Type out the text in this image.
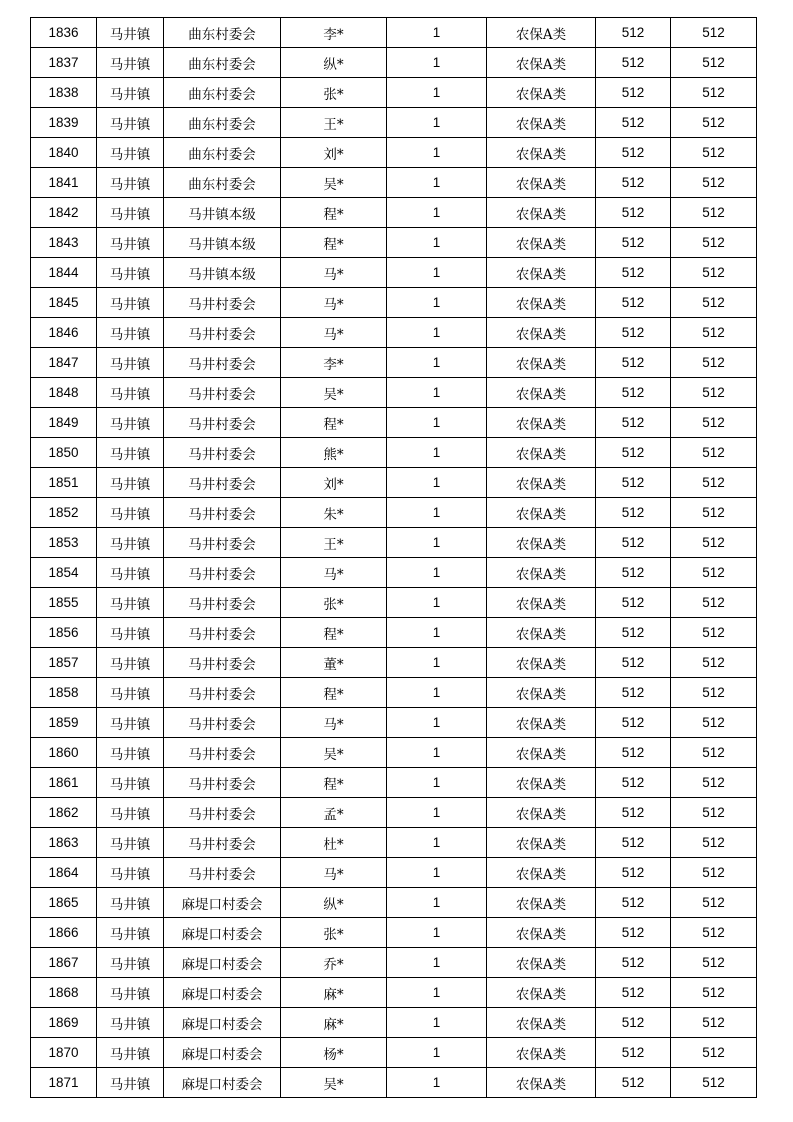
1836	马井镇	曲东村委会	李*	1	农保A类	512	512
1837	马井镇	曲东村委会	纵*	1	农保A类	512	512
1838	马井镇	曲东村委会	张*	1	农保A类	512	512
1839	马井镇	曲东村委会	王*	1	农保A类	512	512
1840	马井镇	曲东村委会	刘*	1	农保A类	512	512
1841	马井镇	曲东村委会	吴*	1	农保A类	512	512
1842	马井镇	马井镇本级	程*	1	农保A类	512	512
1843	马井镇	马井镇本级	程*	1	农保A类	512	512
1844	马井镇	马井镇本级	马*	1	农保A类	512	512
1845	马井镇	马井村委会	马*	1	农保A类	512	512
1846	马井镇	马井村委会	马*	1	农保A类	512	512
1847	马井镇	马井村委会	李*	1	农保A类	512	512
1848	马井镇	马井村委会	吴*	1	农保A类	512	512
1849	马井镇	马井村委会	程*	1	农保A类	512	512
1850	马井镇	马井村委会	熊*	1	农保A类	512	512
1851	马井镇	马井村委会	刘*	1	农保A类	512	512
1852	马井镇	马井村委会	朱*	1	农保A类	512	512
1853	马井镇	马井村委会	王*	1	农保A类	512	512
1854	马井镇	马井村委会	马*	1	农保A类	512	512
1855	马井镇	马井村委会	张*	1	农保A类	512	512
1856	马井镇	马井村委会	程*	1	农保A类	512	512
1857	马井镇	马井村委会	董*	1	农保A类	512	512
1858	马井镇	马井村委会	程*	1	农保A类	512	512
1859	马井镇	马井村委会	马*	1	农保A类	512	512
1860	马井镇	马井村委会	吴*	1	农保A类	512	512
1861	马井镇	马井村委会	程*	1	农保A类	512	512
1862	马井镇	马井村委会	孟*	1	农保A类	512	512
1863	马井镇	马井村委会	杜*	1	农保A类	512	512
1864	马井镇	马井村委会	马*	1	农保A类	512	512
1865	马井镇	麻堤口村委会	纵*	1	农保A类	512	512
1866	马井镇	麻堤口村委会	张*	1	农保A类	512	512
1867	马井镇	麻堤口村委会	乔*	1	农保A类	512	512
1868	马井镇	麻堤口村委会	麻*	1	农保A类	512	512
1869	马井镇	麻堤口村委会	麻*	1	农保A类	512	512
1870	马井镇	麻堤口村委会	杨*	1	农保A类	512	512
1871	马井镇	麻堤口村委会	吴*	1	农保A类	512	512
